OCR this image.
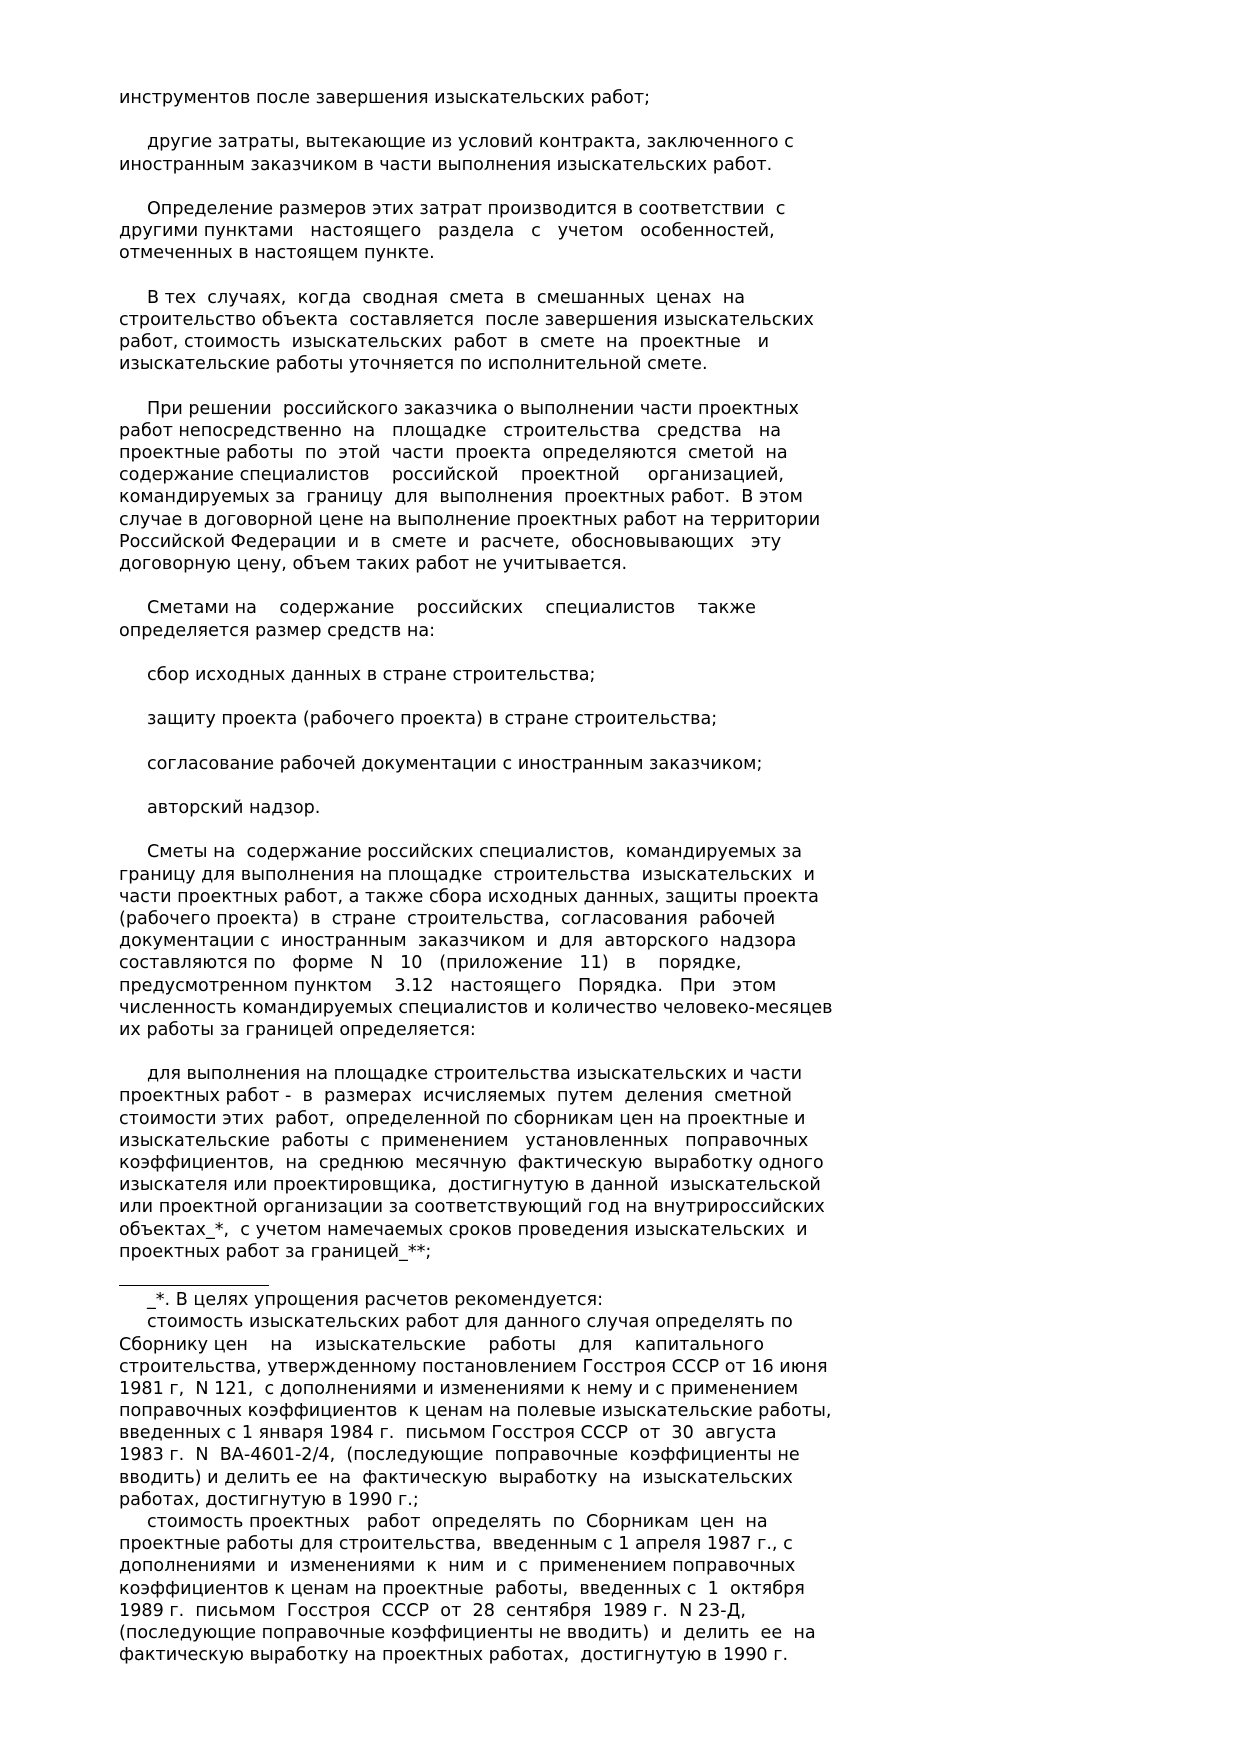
инструментов после завершения изыскательских работ;
другие затраты, вытекающие из условий контракта, заключенного с
иностранным заказчиком в части выполнения изыскательских работ.
Определение размеров этих затрат производится в соответствии  с
другими пунктами   настоящего   раздела   с   учетом   особенностей,
отмеченных в настоящем пункте.
В тех  случаях,  когда  сводная  смета  в  смешанных  ценах  на
строительство объекта  составляется  после завершения изыскательских
работ, стоимость  изыскательских  работ  в  смете  на  проектные   и
изыскательские работы уточняется по исполнительной смете.
При решении  российского заказчика о выполнении части проектных
работ непосредственно  на   площадке   строительства   средства   на
проектные работы  по  этой  части  проекта  определяются  сметой  на
содержание специалистов    российской    проектной     организацией,
командируемых за  границу  для  выполнения  проектных работ.  В этом
случае в договорной цене на выполнение проектных работ на территории
Российской Федерации  и  в  смете  и  расчете,  обосновывающих   эту
договорную цену, объем таких работ не учитывается.
Сметами на    содержание    российских    специалистов    также
определяется размер средств на:
сбор исходных данных в стране строительства;
защиту проекта (рабочего проекта) в стране строительства;
согласование рабочей документации с иностранным заказчиком;
авторский надзор.
Сметы на  содержание российских специалистов,  командируемых за
границу для выполнения на площадке  строительства  изыскательских  и
части проектных работ, а также сбора исходных данных, защиты проекта
(рабочего проекта)  в  стране  строительства,  согласования  рабочей
документации с  иностранным  заказчиком  и  для  авторского  надзора
составляются по   форме   N   10   (приложение   11)   в    порядке,
предусмотренном пунктом    3.12   настоящего   Порядка.   При   этом
численность командируемых специалистов и количество человеко-месяцев
их работы за границей определяется:
для выполнения на площадке строительства изыскательских и части
проектных работ -  в  размерах  исчисляемых  путем  деления  сметной
стоимости этих  работ,  определенной по сборникам цен на проектные и
изыскательские  работы  с  применением   установленных   поправочных
коэффициентов,  на  среднюю  месячную  фактическую  выработку одного
изыскателя или проектировщика,  достигнутую в данной  изыскательской
или проектной организации за соответствующий год на внутрироссийских
объектах_*,  с учетом намечаемых сроков проведения изыскательских  и
проектных работ за границей_**;
_*. В целях упрощения расчетов рекомендуется:
стоимость изыскательских работ для данного случая определять по
Сборнику цен    на    изыскательские    работы    для    капитального
строительства, утвержденному постановлением Госстроя СССР от 16 июня
1981 г,  N 121,  с дополнениями и изменениями к нему и с применением
поправочных коэффициентов  к ценам на полевые изыскательские работы,
введенных с 1 января 1984 г.  письмом Госстроя СССР  от  30  августа
1983 г.  N  ВА-4601-2/4,  (последующие  поправочные  коэффициенты не
вводить) и делить ее  на  фактическую  выработку  на  изыскательских
работах, достигнутую в 1990 г.;
стоимость проектных   работ  определять  по  Сборникам  цен  на
проектные работы для строительства,  введенным с 1 апреля 1987 г., с
дополнениями  и  изменениями  к  ним  и  с  применением поправочных
коэффициентов к ценам на проектные  работы,  введенных с  1  октября
1989 г.  письмом  Госстроя  СССР  от  28  сентября  1989 г.  N 23-Д,
(последующие поправочные коэффициенты не вводить)  и  делить  ее  на
фактическую выработку на проектных работах,  достигнутую в 1990 г.
